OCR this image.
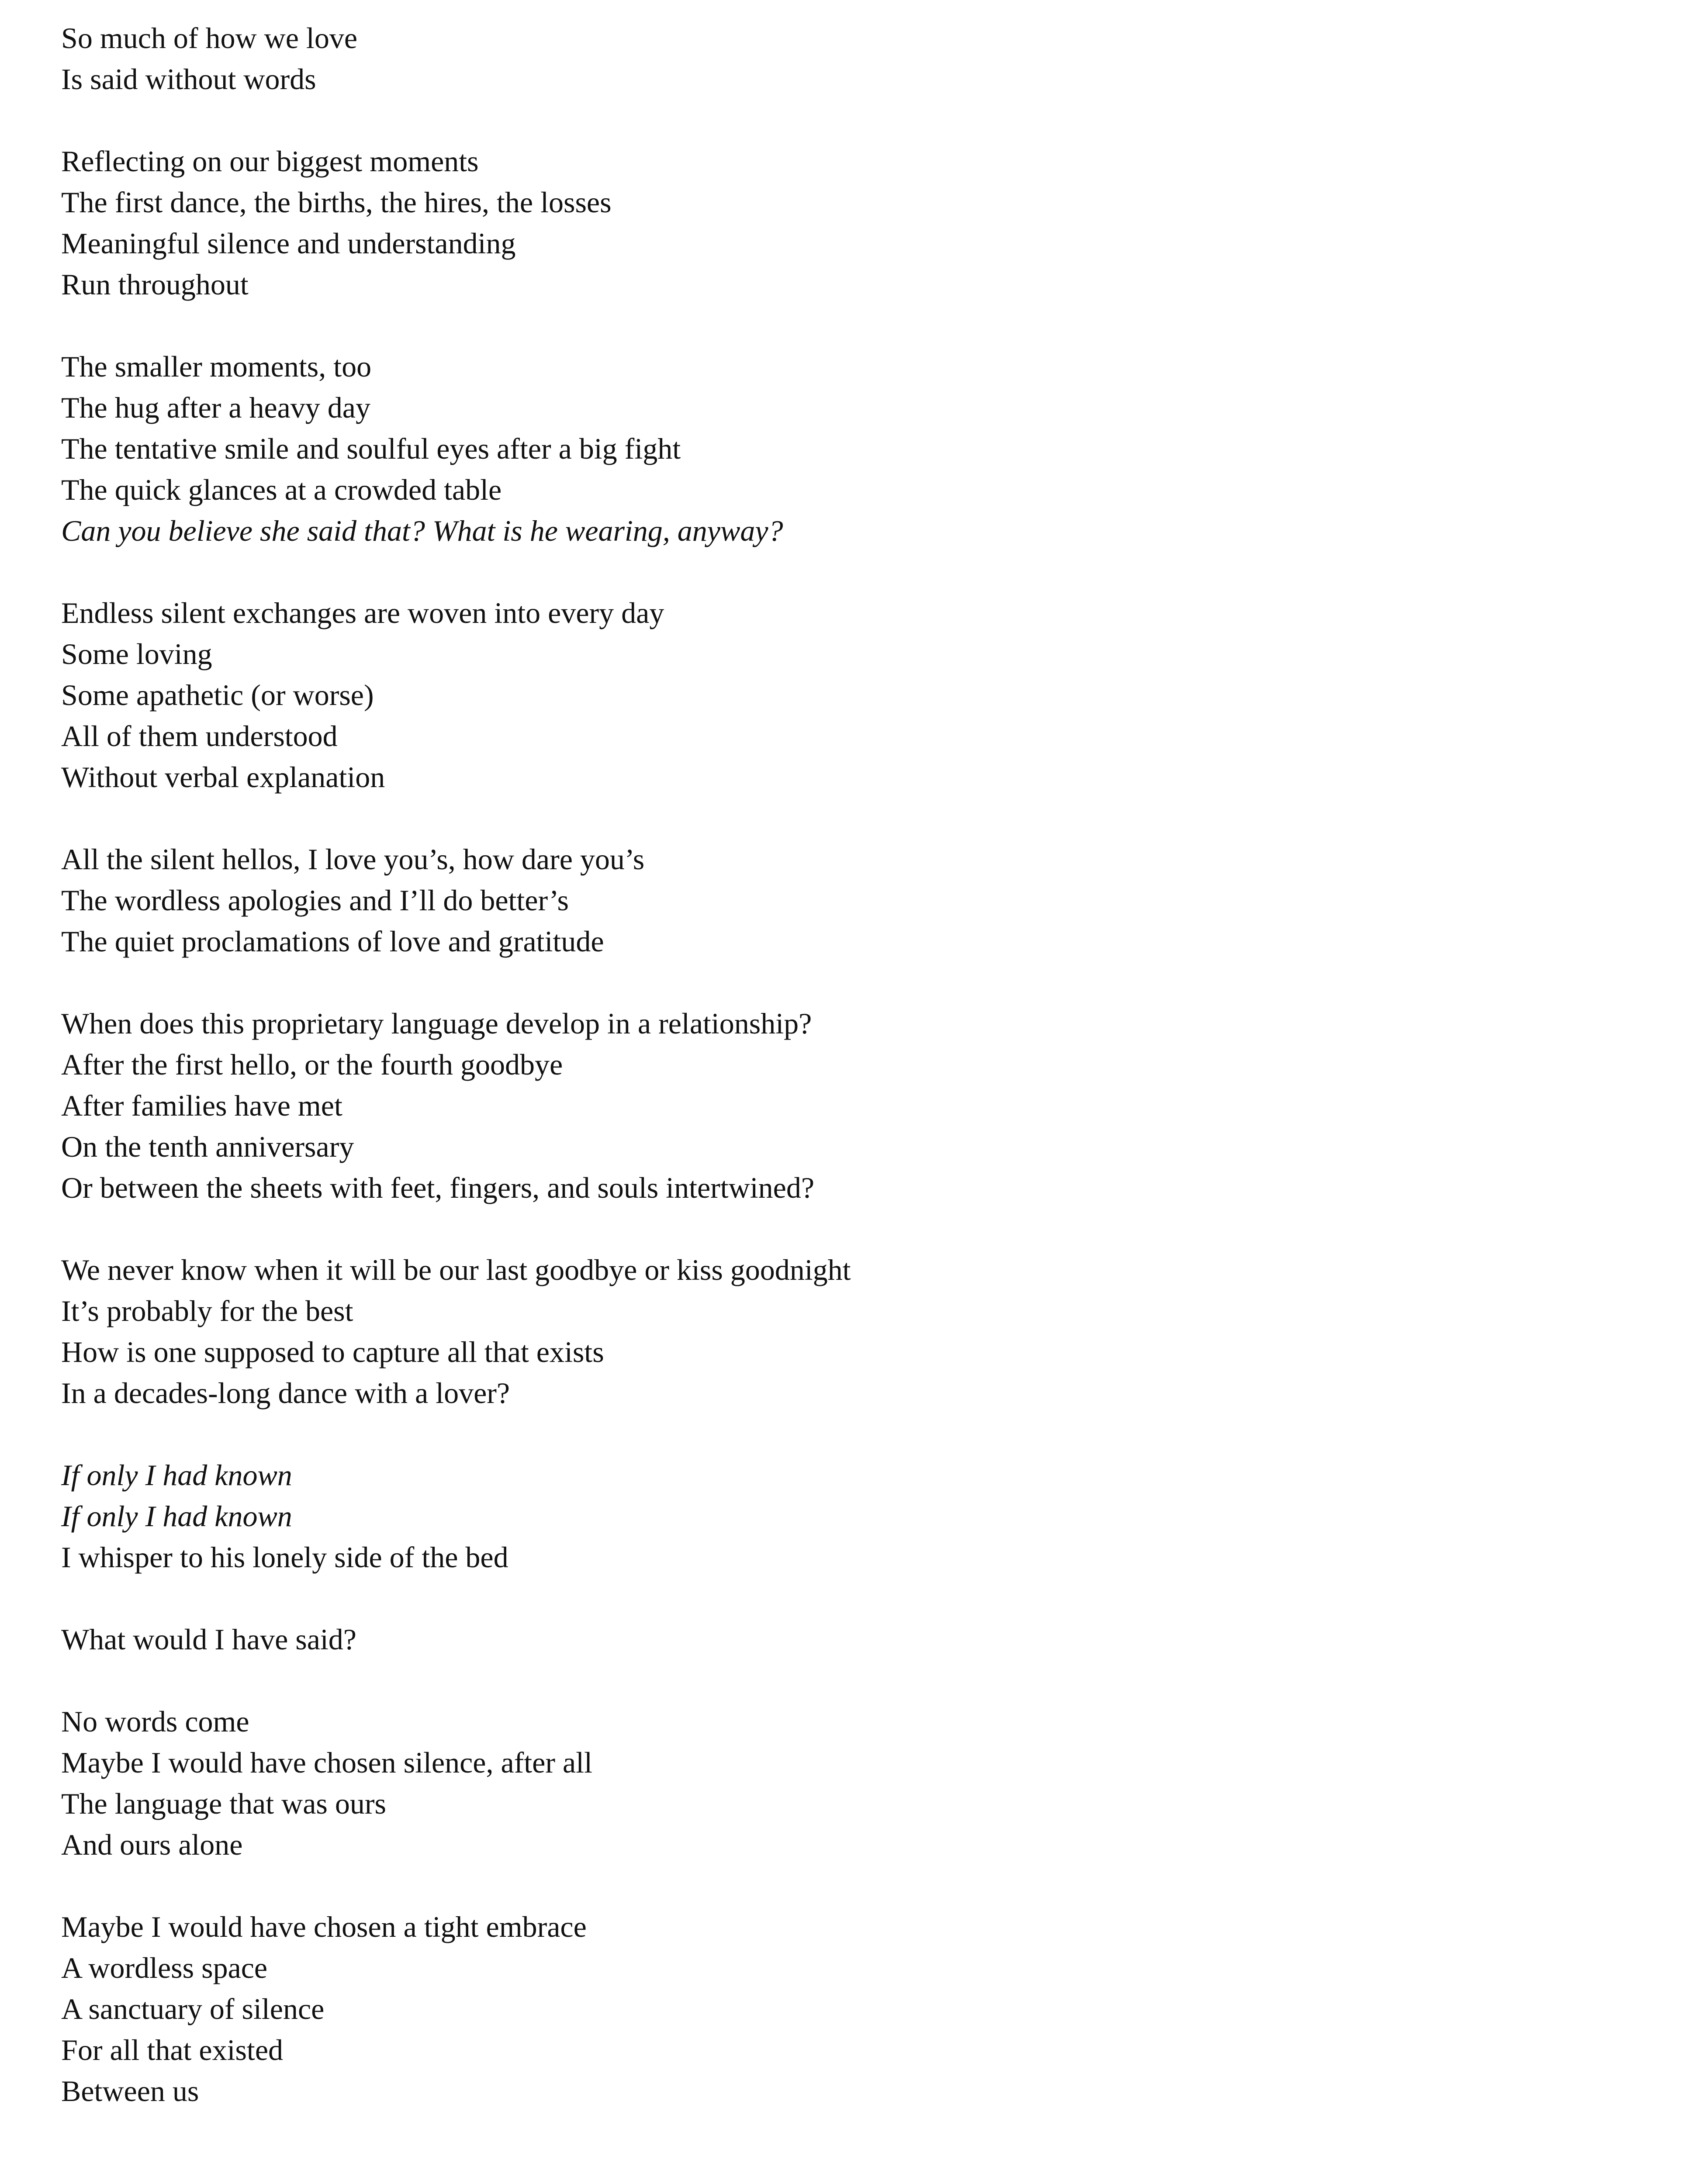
So much of how we love
Is said without words
Reflecting on our biggest moments
The first dance, the births, the hires, the losses
Meaningful silence and understanding
Run throughout
The smaller moments, too
The hug after a heavy day
The tentative smile and soulful eyes after a big fight
The quick glances at a crowded table
Can you believe she said that? What is he wearing, anyway?
Endless silent exchanges are woven into every day
Some loving
Some apathetic (or worse)
All of them understood
Without verbal explanation
All the silent hellos, I love you’s, how dare you’s
The wordless apologies and I’ll do better’s
The quiet proclamations of love and gratitude
When does this proprietary language develop in a relationship?
After the first hello, or the fourth goodbye
After families have met
On the tenth anniversary
Or between the sheets with feet, fingers, and souls intertwined?
We never know when it will be our last goodbye or kiss goodnight
It’s probably for the best
How is one supposed to capture all that exists
In a decades-long dance with a lover?
If only I had known
If only I had known
I whisper to his lonely side of the bed
What would I have said?
No words come
Maybe I would have chosen silence, after all
The language that was ours
And ours alone
Maybe I would have chosen a tight embrace
A wordless space
A sanctuary of silence
For all that existed
Between us
